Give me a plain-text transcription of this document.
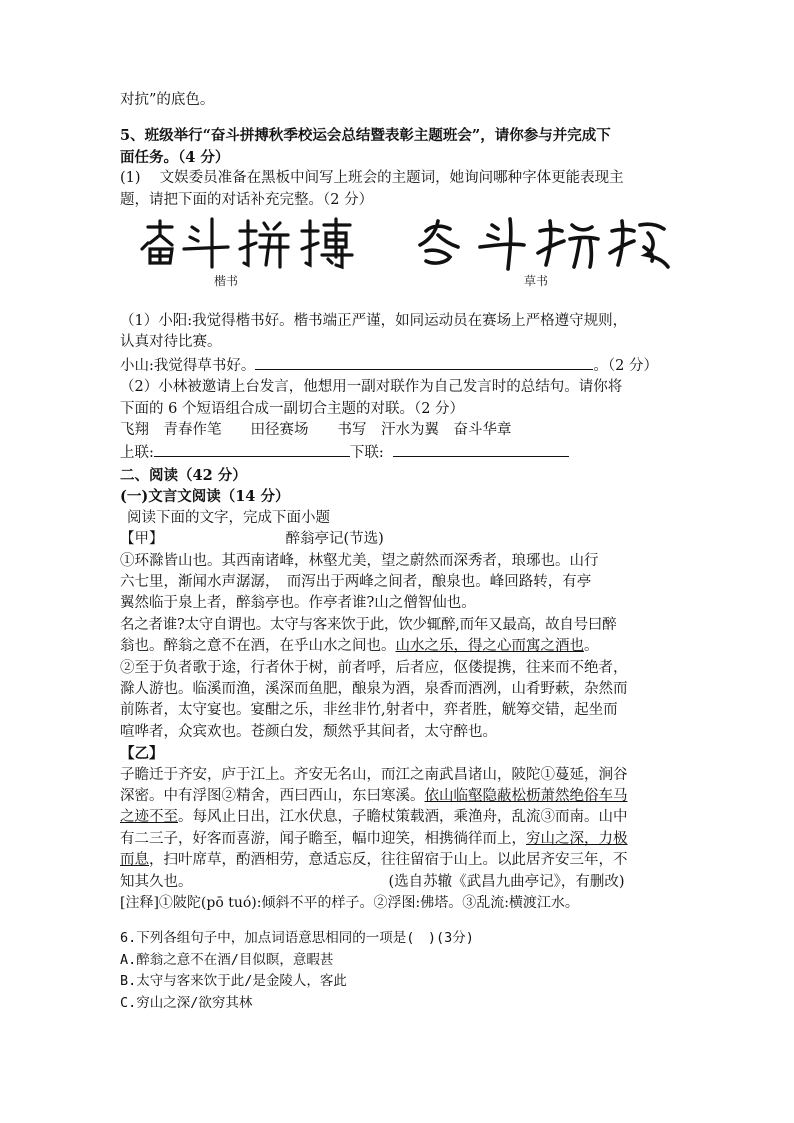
对抗”的底色。
5、班级举行“奋斗拼搏秋季校运会总结暨表彰主题班会”，请你参与并完成下
面任务。（4 分）
(1)　 文娱委员准备在黑板中间写上班会的主题词，她询问哪种字体更能表现主
题，请把下面的对话补充完整。（2 分）
楷书	草书
（1）小阳:我觉得楷书好。楷书端正严谨，如同运动员在赛场上严格遵守规则，
认真对待比赛。
小山:我觉得草书好。	。（2 分）
（2）小林被邀请上台发言，他想用一副对联作为自己发言时的总结句。请你将
下面的 6 个短语组合成一副切合主题的对联。（2 分）
飞翔　 青春作笔　　 田径赛场　　 书写　 汗水为翼　 奋斗华章
上联:	下联:
二、阅读（42 分）
(一)文言文阅读（14 分）
阅读下面的文字，完成下面小题
【甲】	醉翁亭记(节选)
①环滁皆山也。其西南诸峰，林壑尤美，望之蔚然而深秀者，琅琊也。山行
六七里，渐闻水声潺潺，　而泻出于两峰之间者，酿泉也。峰回路转，有亭
翼然临于泉上者，醉翁亭也。作亭者谁?山之僧智仙也。
名之者谁?太守自谓也。太守与客来饮于此，饮少辄醉,而年又最高，故自号曰醉
翁也。醉翁之意不在酒，在乎山水之间也。山水之乐，得之心而寓之酒也。
②至于负者歌于途，行者休于树，前者呼，后者应，伛偻提携，往来而不绝者，
滁人游也。临溪而渔，溪深而鱼肥，酿泉为酒，泉香而酒冽，山肴野蔌，杂然而
前陈者，太守宴也。宴酣之乐，非丝非竹,射者中，弈者胜，觥筹交错，起坐而
喧哗者，众宾欢也。苍颜白发，颓然乎其间者，太守醉也。
【乙】
子瞻迁于齐安，庐于江上。齐安无名山，而江之南武昌诸山，陂陀①蔓延，涧谷
深密。中有浮图②精舍，西曰西山，东曰寒溪。依山临壑隐蔽松枥萧然绝俗车马
之迹不至。每风止日出，江水伏息，子瞻杖策载酒，乘渔舟，乱流③而南。山中
有二三子，好客而喜游，闻子瞻至，幅巾迎笑，相携徜徉而上，穷山之深，力极
而息，扫叶席草，酌酒相劳，意适忘反，往往留宿于山上。以此居齐安三年，不
知其久也。	(选自苏辙《武昌九曲亭记》，有删改)
[注释]①陂陀(pō tuó):倾斜不平的样子。②浮图:佛塔。③乱流:横渡江水。
6.下列各组句子中，加点词语意思相同的一项是(　)(3分)
A.醉翁之意不在酒/目似瞑，意暇甚
B.太守与客来饮于此/是金陵人，客此
C.穷山之深/欲穷其林
